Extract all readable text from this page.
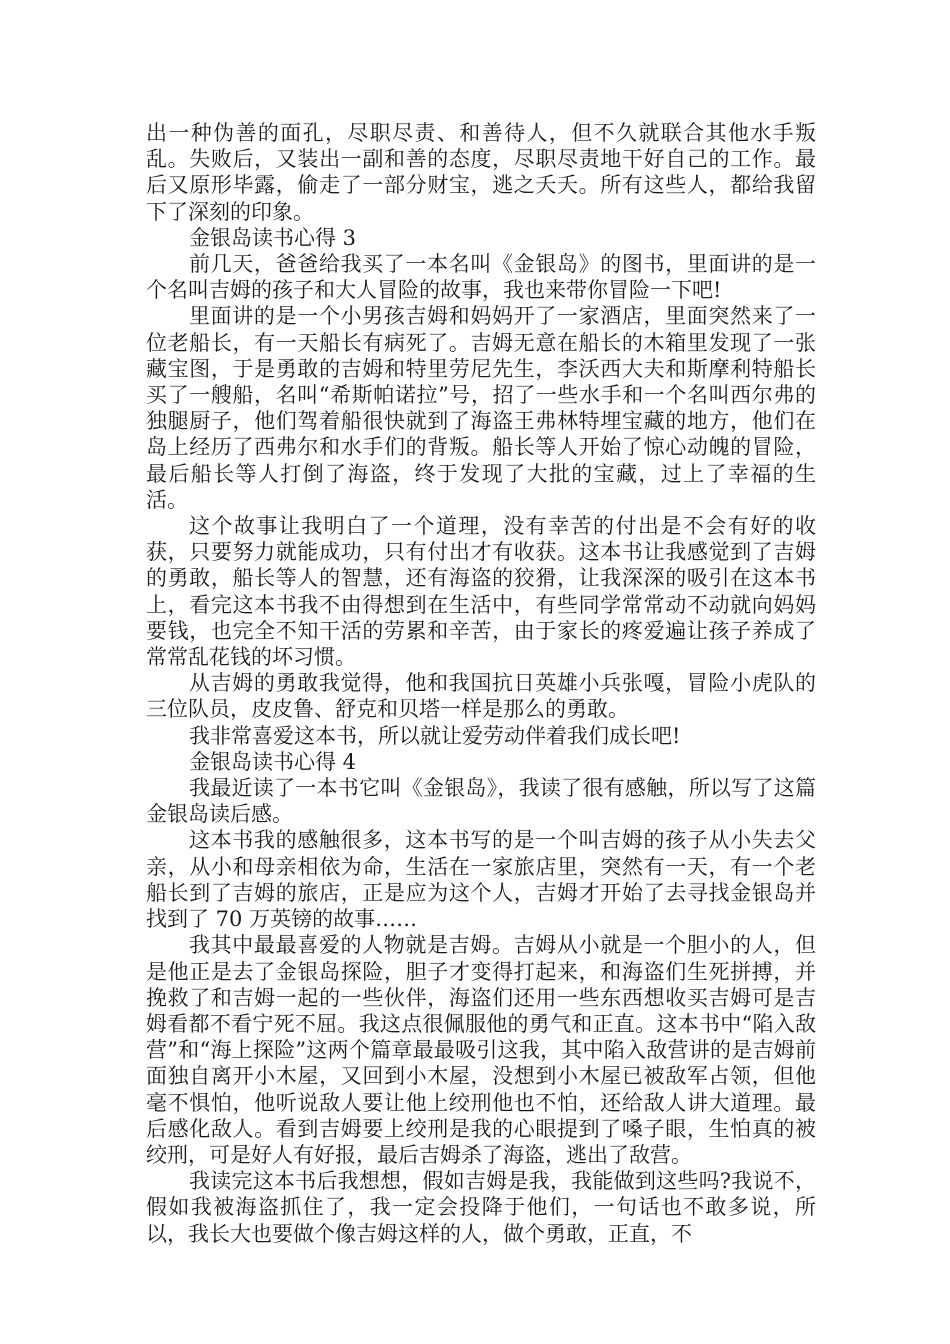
出一种伪善的面孔，尽职尽责、和善待人，但不久就联合其他水手叛乱。失败后，又装出一副和善的态度，尽职尽责地干好自己的工作。最后又原形毕露，偷走了一部分财宝，逃之夭夭。所有这些人，都给我留下了深刻的印象。

金银岛读书心得 3

前几天，爸爸给我买了一本名叫《金银岛》的图书，里面讲的是一个名叫吉姆的孩子和大人冒险的故事，我也来带你冒险一下吧!

里面讲的是一个小男孩吉姆和妈妈开了一家酒店，里面突然来了一位老船长，有一天船长有病死了。吉姆无意在船长的木箱里发现了一张藏宝图，于是勇敢的吉姆和特里劳尼先生，李沃西大夫和斯摩利特船长买了一艘船，名叫“希斯帕诺拉”号，招了一些水手和一个名叫西尔弗的独腿厨子，他们驾着船很快就到了海盗王弗林特埋宝藏的地方，他们在岛上经历了西弗尔和水手们的背叛。船长等人开始了惊心动魄的冒险，最后船长等人打倒了海盗，终于发现了大批的宝藏，过上了幸福的生活。

这个故事让我明白了一个道理，没有幸苦的付出是不会有好的收获，只要努力就能成功，只有付出才有收获。这本书让我感觉到了吉姆的勇敢，船长等人的智慧，还有海盗的狡猾，让我深深的吸引在这本书上，看完这本书我不由得想到在生活中，有些同学常常动不动就向妈妈要钱，也完全不知干活的劳累和辛苦，由于家长的疼爱遍让孩子养成了常常乱花钱的坏习惯。

从吉姆的勇敢我觉得，他和我国抗日英雄小兵张嘎，冒险小虎队的三位队员，皮皮鲁、舒克和贝塔一样是那么的勇敢。

我非常喜爱这本书，所以就让爱劳动伴着我们成长吧!

金银岛读书心得 4

我最近读了一本书它叫《金银岛》，我读了很有感触，所以写了这篇金银岛读后感。

这本书我的感触很多，这本书写的是一个叫吉姆的孩子从小失去父亲，从小和母亲相依为命，生活在一家旅店里，突然有一天，有一个老船长到了吉姆的旅店，正是应为这个人，吉姆才开始了去寻找金银岛并找到了 70 万英镑的故事……

我其中最最喜爱的人物就是吉姆。吉姆从小就是一个胆小的人，但是他正是去了金银岛探险，胆子才变得打起来，和海盗们生死拼搏，并挽救了和吉姆一起的一些伙伴，海盗们还用一些东西想收买吉姆可是吉姆看都不看宁死不屈。我这点很佩服他的勇气和正直。这本书中“陷入敌营”和“海上探险”这两个篇章最最吸引这我，其中陷入敌营讲的是吉姆前面独自离开小木屋，又回到小木屋，没想到小木屋已被敌军占领，但他毫不惧怕，他听说敌人要让他上绞刑他也不怕，还给敌人讲大道理。最后感化敌人。看到吉姆要上绞刑是我的心眼提到了嗓子眼，生怕真的被绞刑，可是好人有好报，最后吉姆杀了海盗，逃出了敌营。

我读完这本书后我想想，假如吉姆是我，我能做到这些吗?我说不，假如我被海盗抓住了，我一定会投降于他们，一句话也不敢多说，所以，我长大也要做个像吉姆这样的人，做个勇敢，正直，不
